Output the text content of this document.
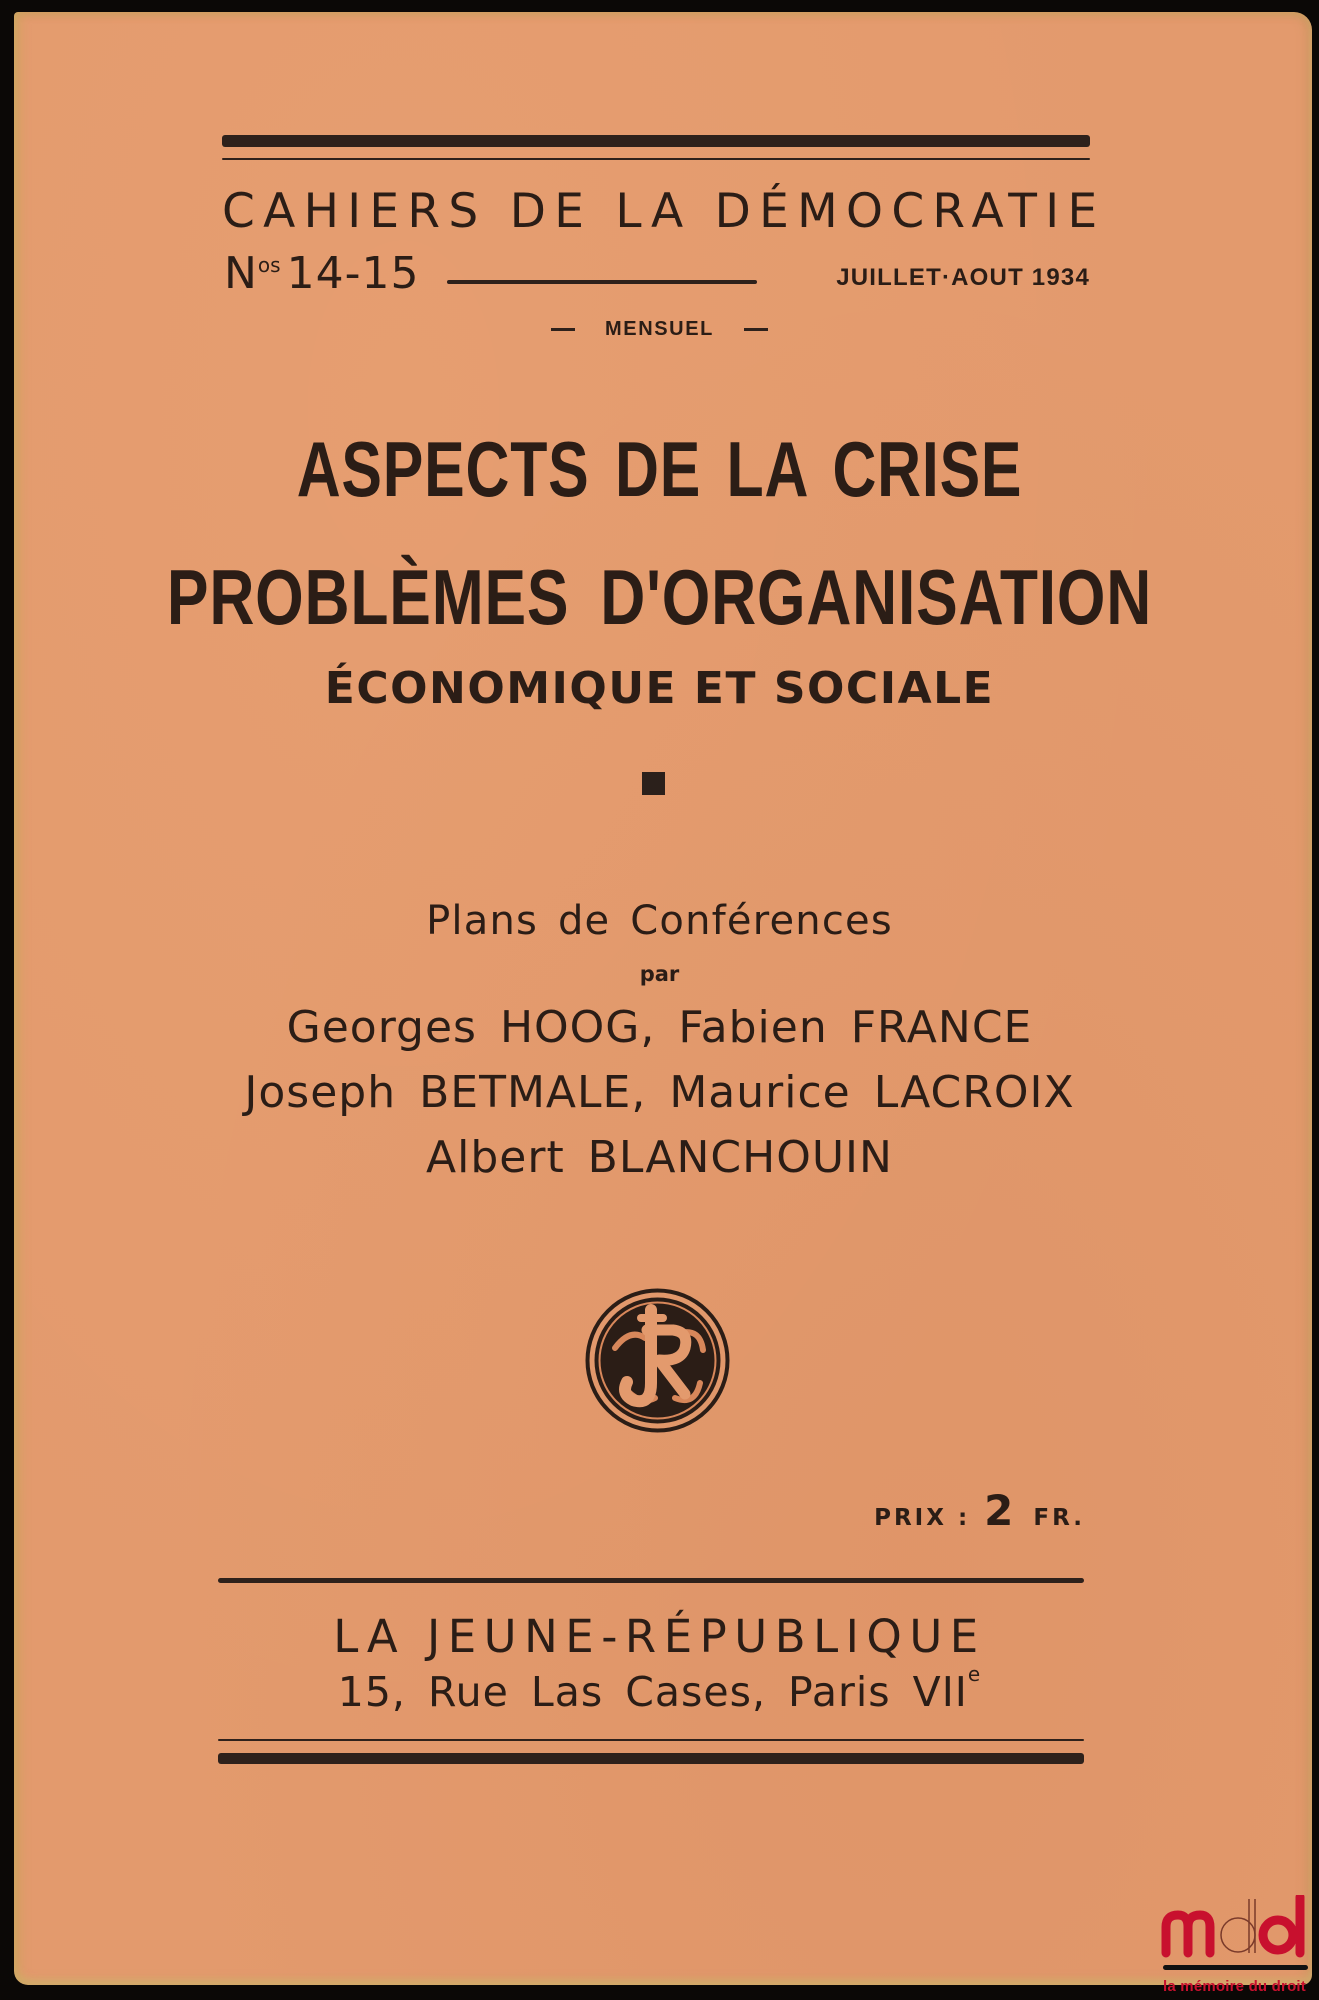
CAHIERS DE LA DÉMOCRATIE
$N^{os}$ 14-15	JUILLET·AOUT 1934
MENSUEL
ASPECTS DE LA CRISE
PROBLÈMES D'ORGANISATION
ÉCONOMIQUE ET SOCIALE
Plans de Conférences
par
Georges HOOG, Fabien FRANCE
Joseph BETMALE, Maurice LACROIX
Albert BLANCHOUIN
PRIX : 2 FR.
LA JEUNE-RÉPUBLIQUE
15, Rue Las Cases, Paris VIIe
la mémoire du droit
